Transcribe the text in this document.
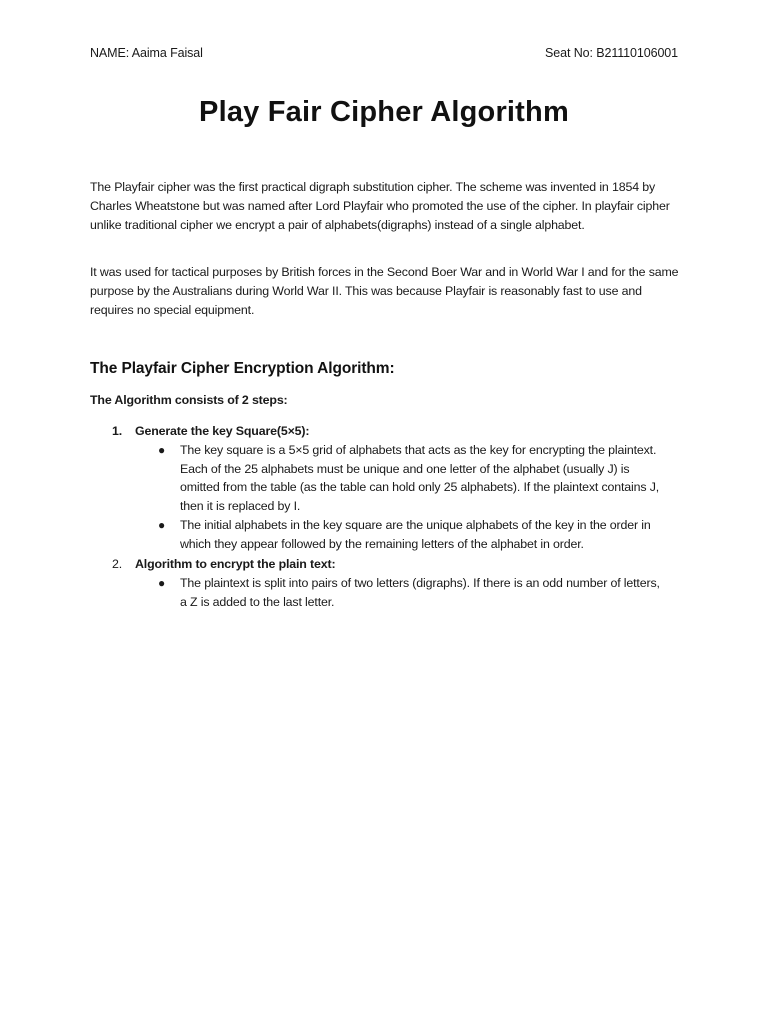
NAME: Aaima Faisal	Seat No: B21110106001
Play Fair Cipher Algorithm
The Playfair cipher was the first practical digraph substitution cipher. The scheme was invented in 1854 by Charles Wheatstone but was named after Lord Playfair who promoted the use of the cipher. In playfair cipher unlike traditional cipher we encrypt a pair of alphabets(digraphs) instead of a single alphabet.
It was used for tactical purposes by British forces in the Second Boer War and in World War I and for the same purpose by the Australians during World War II. This was because Playfair is reasonably fast to use and requires no special equipment.
The Playfair Cipher Encryption Algorithm:
The Algorithm consists of 2 steps:
1.	Generate the key Square(5×5):
● The key square is a 5×5 grid of alphabets that acts as the key for encrypting the plaintext. Each of the 25 alphabets must be unique and one letter of the alphabet (usually J) is omitted from the table (as the table can hold only 25 alphabets). If the plaintext contains J, then it is replaced by I.
● The initial alphabets in the key square are the unique alphabets of the key in the order in which they appear followed by the remaining letters of the alphabet in order.
2.	Algorithm to encrypt the plain text:
● The plaintext is split into pairs of two letters (digraphs). If there is an odd number of letters, a Z is added to the last letter.
